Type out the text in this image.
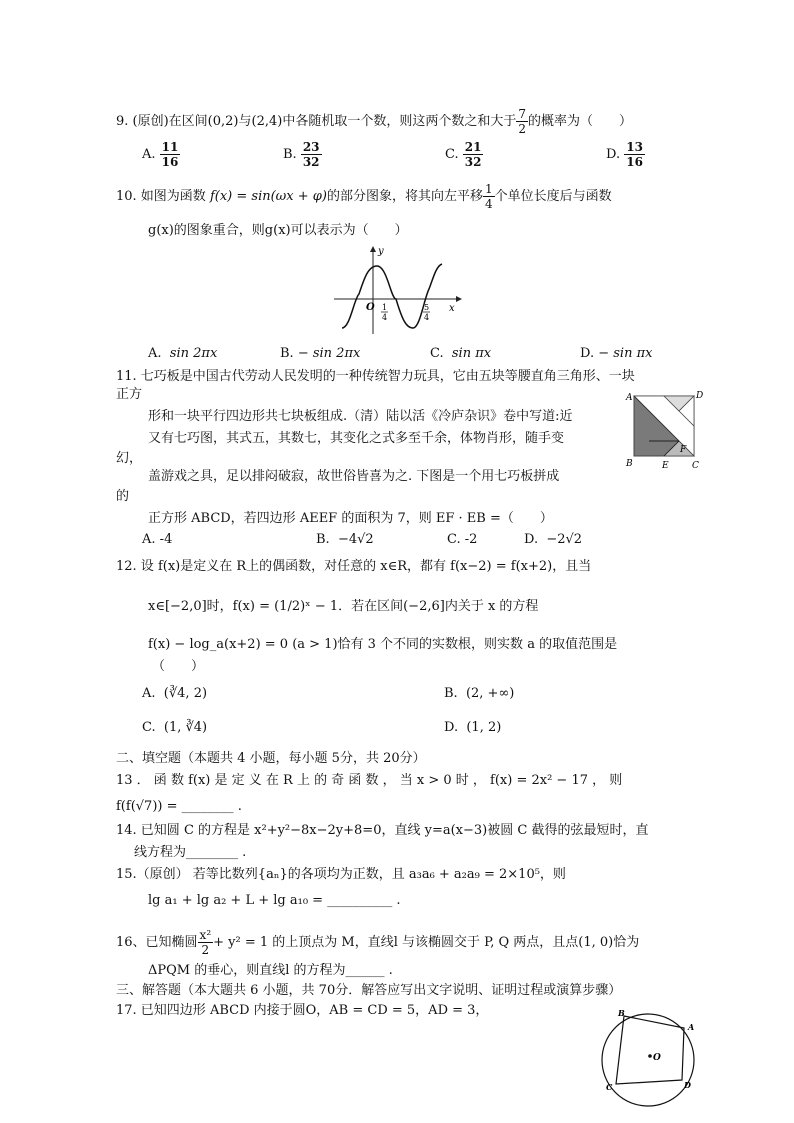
9. (原创)在区间(0,2)与(2,4)中各随机取一个数，则这两个数之和大于 $\frac{7}{2}$ 的概率为（　　）
A. $\frac{11}{16}$	B. $\frac{23}{32}$	C. $\frac{21}{32}$	D. $\frac{13}{16}$
10. 如图为函数 f(x) = sin(ωx + φ)的部分图象，将其向左平移 $\frac{1}{4}$ 个单位长度后与函数
g(x)的图象重合，则g(x)可以表示为（　　）
y
x
O 1
4
5
4
A. sin 2πx	B. − sin 2πx	C. sin πx	D. − sin πx
11. 七巧板是中国古代劳动人民发明的一种传统智力玩具，它由五块等腰直角三角形、一块
正方
形和一块平行四边形共七块板组成.（清）陆以活《冷庐杂识》卷中写道:近
又有七巧图，其式五，其数七，其变化之式多至千余，体物肖形，随手变
幻，
盖游戏之具，足以排闷破寂，故世俗皆喜为之. 下图是一个用七巧板拼成
的
正方形 ABCD，若四边形 AEEF 的面积为 7，则 EF · EB =（　　）
A	D
B	E
F
C
A. -4	B. −4√2	C. -2	D. −2√2
12. 设 f(x)是定义在 R上的偶函数，对任意的 x∈R，都有 f(x−2) = f(x+2)，且当
x∈[−2,0]时，f(x) = (1/2)ˣ − 1．若在区间(−2,6]内关于 x 的方程
f(x) − log_a(x+2) = 0 (a > 1)恰有 3 个不同的实数根，则实数 a 的取值范围是
（　　）
A. (∛4, 2)	B. (2, +∞)
C. (1, ∛4)	D. (1, 2)
二、填空题（本题共 4 小题，每小题 5分，共 20分）
13 ． 函 数 f(x) 是 定 义 在 R 上 的 奇 函 数 ， 当 x > 0 时 ， f(x) = 2x² − 17 ， 则
f(f(√7)) = ________ .
14. 已知圆 C 的方程是 x²+y²−8x−2y+8=0，直线 y=a(x−3)被圆 C 截得的弦最短时，直
线方程为________ .
15.（原创） 若等比数列{aₙ}的各项均为正数，且 a₃a₆ + a₂a₉ = 2×10⁵，则
lg a₁ + lg a₂ + L + lg a₁₀ = __________ .
16、已知椭圆 $\frac{\text{x²}}{2} + y^2 = 1$ 的上顶点为 M，直线l 与该椭圆交于 P, Q 两点，且点(1, 0)恰为
ΔPQM 的垂心，则直线l 的方程为______ .
三、解答题（本大题共 6 小题，共 70分．解答应写出文字说明、证明过程或演算步骤）
17. 已知四边形 ABCD 内接于圆O，AB = CD = 5，AD = 3，	B
A
C	D
O
